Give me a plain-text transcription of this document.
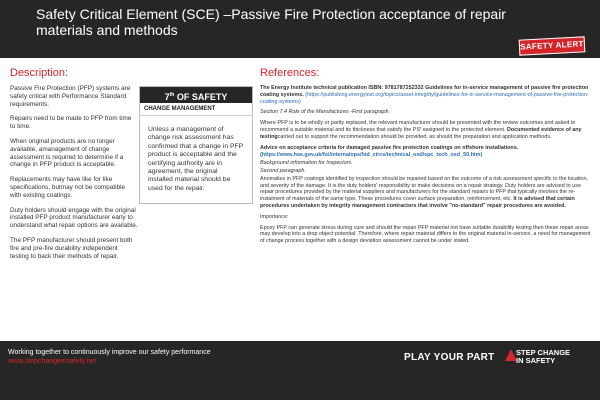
Safety Critical Element (SCE) –Passive Fire Protection acceptance of repair materials and methods
SAFETY ALERT
Description:

Passive Fire Protection (PFP) systems are safety critical with Performance Standard requirements.

Repairs need to be made to PFP from time to time.

When original products are no longer available, amanagement of change assessment is required to determine if a change in PFP product is acceptable.

Replacements may have like for like specifications, butmay not be compatible with existing coatings.

Duty holders should engage with the original installed PFP product manufacturer early to understand what repair options are available.

The PFP manufacturer should present both fire and pre-fire durability independent testing to back their methods of repair.

7th OF SAFETY
CHANGE MANAGEMENT
Unless a management of change risk assessment has confirmed that a change in PFP product is acceptable and the certifying authority are in agreement, the original installed material should be used for the repair.
References:

The Energy Institute technical publication ISBN: 9781787252332 Guidelines for in-service management of passive fire protection coating systems. (https://publishing.energyinst.org/topics/asset-integrity/guidelines-for-in-service-management-of-passive-fire-protection-coating-systems)

Section 7.4 Role of the Manufactures -First paragraph.

Where PFP is to be wholly or partly replaced, the relevant manufacturer should be presented with the review outcomes and asked to recommend a suitable material and its thickness that satisfy the PSᶠ assigned to the protected element. Documented evidence of any testingcarried out to support the recommendation should be provided, as should the preparation and application methods.

Advice on acceptance criteria for damaged passive fire protection coatings on offshore installations.

(https://www.hse.gov.uk/foi/internalops/hid_circs/technical_osd/spc_tech_osd_50.htm)

Background information for Inspectors.

Second paragraph.

Anomalies in PFP coatings identified by inspection should be repaired based on the outcome of a risk assessment specific to the location, and severity of the damage. It is the duty holders' responsibility to make decisions on a repair strategy. Duty holders are advised to use repair procedures provided by the material suppliers and manufacturers for the standard repairs to PFP that typically involves the re-instalment of materials of the same type. These procedures cover surface preparation, reinforcement, etc. It is advised that certain procedures undertaken by integrity management contractors that involve "no-standard" repair procedures are avoided.

Importance:

Epoxy PFP can generate stress during cure and should the repair PFP material not have suitable durability testing then these repair areas may develop into a drop object potential. Therefore, where repair material differs to the original material in-service, a need for management of change process together with a design deviation assessment cannot be under stated.

Working together to continuously improve our safety performance
www.stepchangeinsafety.net	PLAY YOUR PART	STEP CHANGE
IN SAFETY
